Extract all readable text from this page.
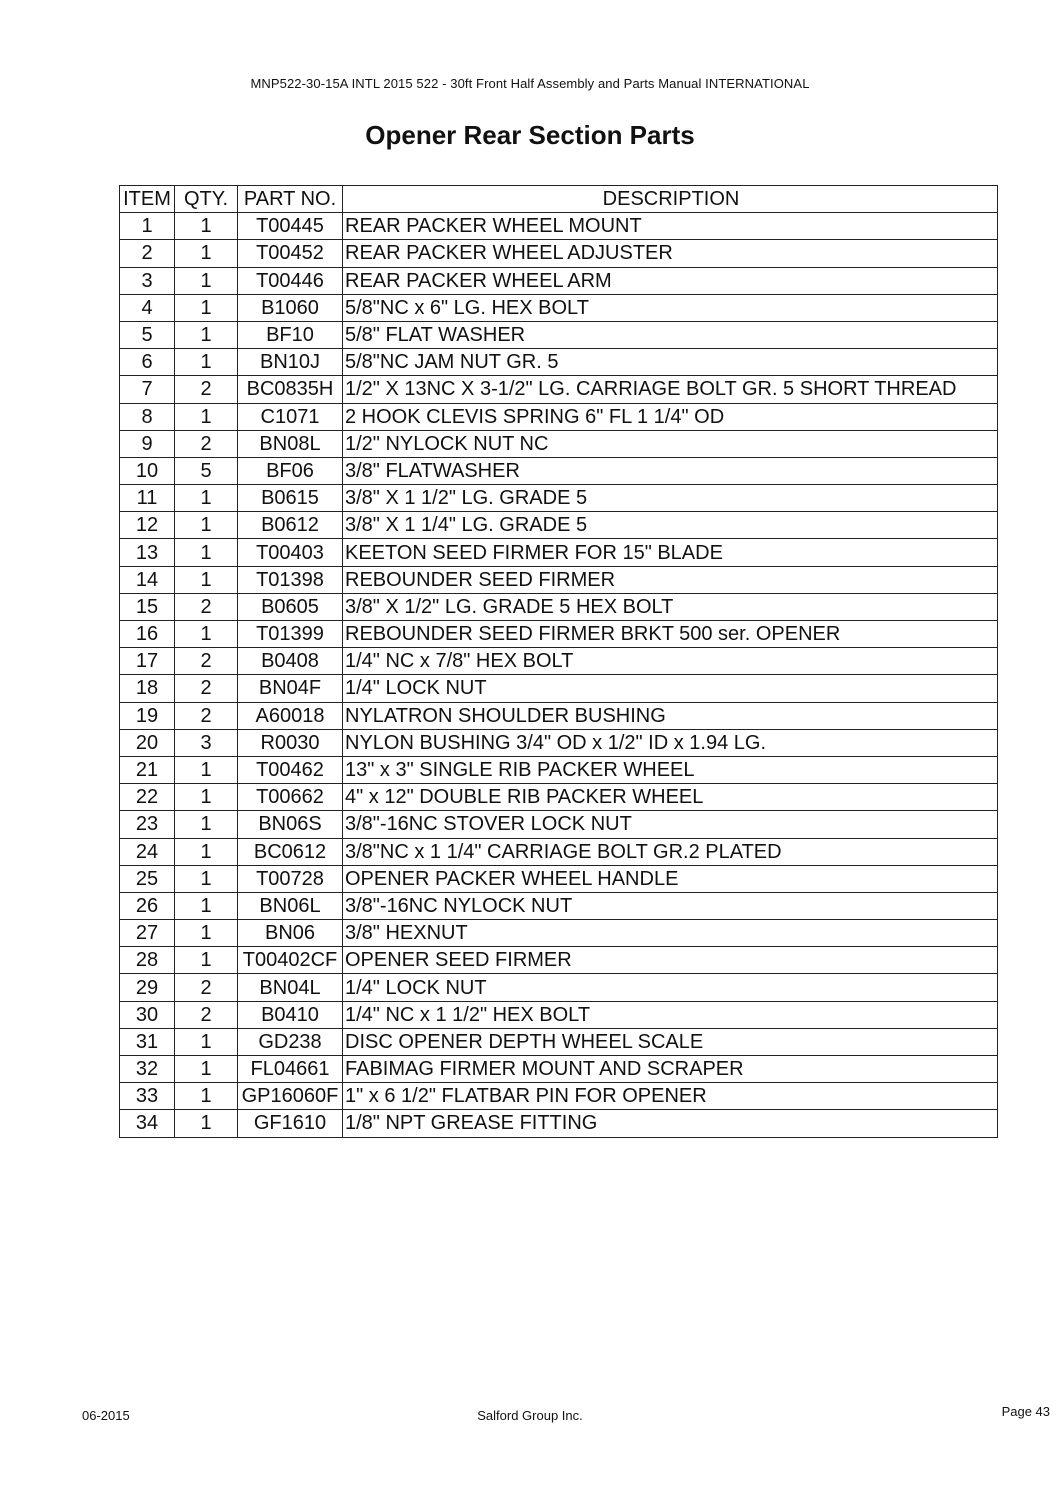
MNP522-30-15A INTL 2015 522 - 30ft Front Half Assembly and Parts Manual INTERNATIONAL
Opener Rear Section Parts
ITEM	QTY.	PART NO.	DESCRIPTION
1	1	T00445	REAR PACKER WHEEL MOUNT
2	1	T00452	REAR PACKER WHEEL ADJUSTER
3	1	T00446	REAR PACKER WHEEL ARM
4	1	B1060	5/8"NC x 6" LG. HEX BOLT
5	1	BF10	5/8" FLAT WASHER
6	1	BN10J	5/8"NC JAM NUT GR. 5
7	2	BC0835H	1/2" X 13NC X 3-1/2" LG. CARRIAGE BOLT GR. 5 SHORT THREAD
8	1	C1071	2 HOOK CLEVIS SPRING 6" FL 1 1/4" OD
9	2	BN08L	1/2" NYLOCK NUT NC
10	5	BF06	3/8" FLATWASHER
11	1	B0615	3/8" X 1 1/2" LG. GRADE 5
12	1	B0612	3/8" X 1 1/4" LG. GRADE 5
13	1	T00403	KEETON SEED FIRMER FOR 15" BLADE
14	1	T01398	REBOUNDER SEED FIRMER
15	2	B0605	3/8" X 1/2" LG. GRADE 5 HEX BOLT
16	1	T01399	REBOUNDER SEED FIRMER BRKT 500 ser. OPENER
17	2	B0408	1/4" NC x 7/8" HEX BOLT
18	2	BN04F	1/4" LOCK NUT
19	2	A60018	NYLATRON SHOULDER BUSHING
20	3	R0030	NYLON BUSHING 3/4" OD x 1/2" ID x 1.94 LG.
21	1	T00462	13" x 3" SINGLE RIB PACKER WHEEL
22	1	T00662	4" x 12" DOUBLE RIB PACKER WHEEL
23	1	BN06S	3/8"-16NC STOVER LOCK NUT
24	1	BC0612	3/8"NC x 1 1/4" CARRIAGE BOLT GR.2 PLATED
25	1	T00728	OPENER PACKER WHEEL HANDLE
26	1	BN06L	3/8"-16NC NYLOCK NUT
27	1	BN06	3/8" HEXNUT
28	1	T00402CF	OPENER SEED FIRMER
29	2	BN04L	1/4" LOCK NUT
30	2	B0410	1/4" NC x 1 1/2" HEX BOLT
31	1	GD238	DISC OPENER DEPTH WHEEL SCALE
32	1	FL04661	FABIMAG FIRMER MOUNT AND SCRAPER
33	1	GP16060F	1" x 6 1/2" FLATBAR PIN FOR OPENER
34	1	GF1610	1/8" NPT GREASE FITTING
06-2015	Salford Group Inc.	Page 43
